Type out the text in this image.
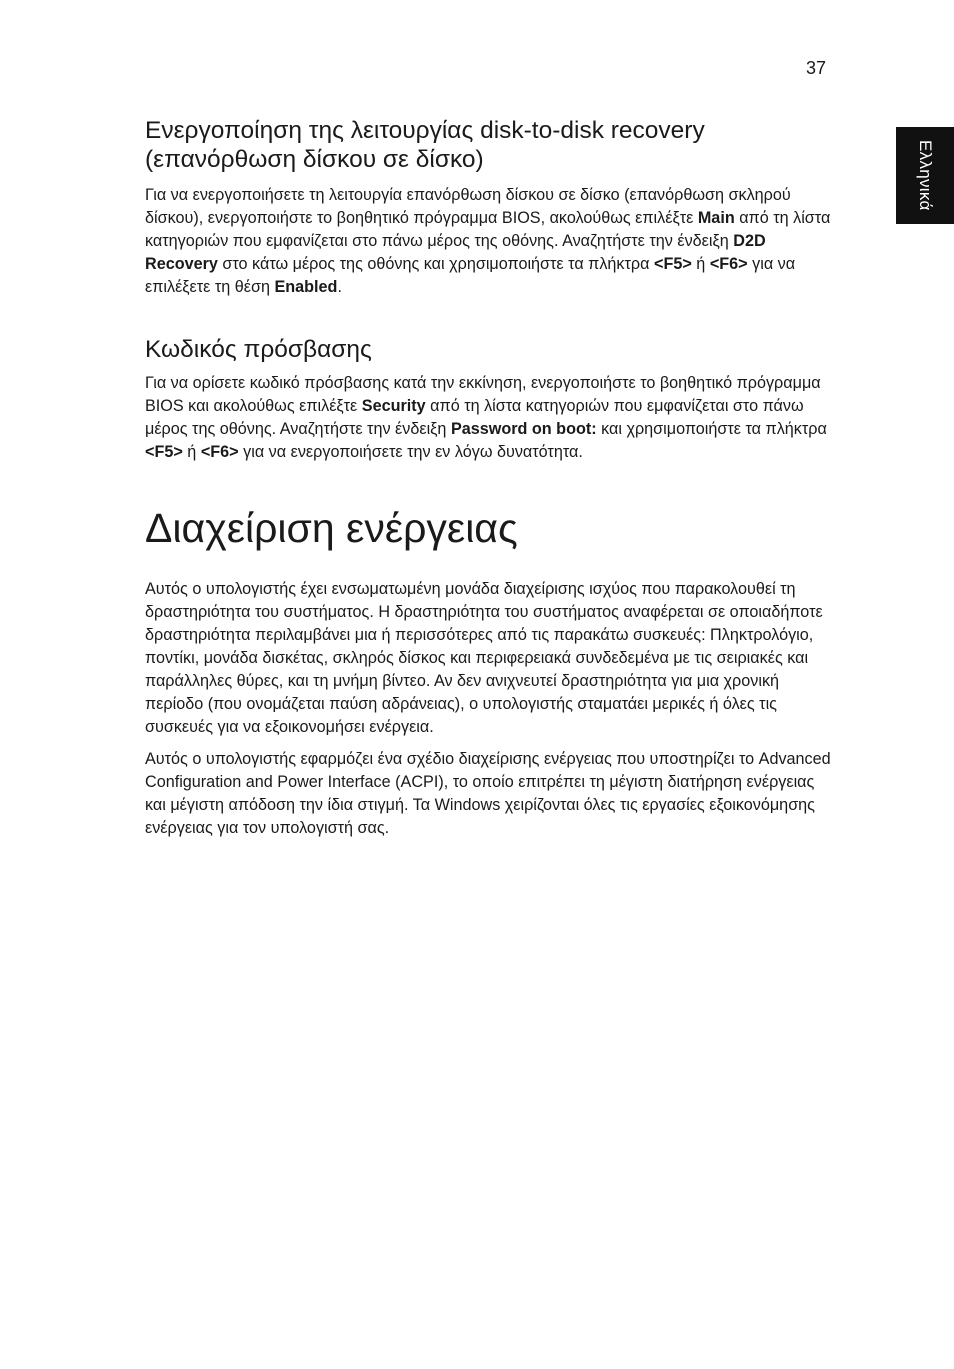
37
Ελληνικά
Ενεργοποίηση της λειτουργίας disk-to-disk recovery
(επανόρθωση δίσκου σε δίσκο)

Για να ενεργοποιήσετε τη λειτουργία επανόρθωση δίσκου σε δίσκο (επανόρθωση σκληρού δίσκου), ενεργοποιήστε το βοηθητικό πρόγραμμα BIOS, ακολούθως επιλέξτε Main από τη λίστα κατηγοριών που εμφανίζεται στο πάνω μέρος της οθόνης. Αναζητήστε την ένδειξη D2D Recovery στο κάτω μέρος της οθόνης και χρησιμοποιήστε τα πλήκτρα <F5> ή <F6> για να επιλέξετε τη θέση Enabled.

Κωδικός πρόσβασης

Για να ορίσετε κωδικό πρόσβασης κατά την εκκίνηση, ενεργοποιήστε το βοηθητικό πρόγραμμα BIOS και ακολούθως επιλέξτε Security από τη λίστα κατηγοριών που εμφανίζεται στο πάνω μέρος της οθόνης. Αναζητήστε την ένδειξη Password on boot: και χρησιμοποιήστε τα πλήκτρα <F5> ή <F6> για να ενεργοποιήσετε την εν λόγω δυνατότητα.

Διαχείριση ενέργειας

Αυτός ο υπολογιστής έχει ενσωματωμένη μονάδα διαχείρισης ισχύος που παρακολουθεί τη δραστηριότητα του συστήματος. Η δραστηριότητα του συστήματος αναφέρεται σε οποιαδήποτε δραστηριότητα περιλαμβάνει μια ή περισσότερες από τις παρακάτω συσκευές: Πληκτρολόγιο, ποντίκι, μονάδα δισκέτας, σκληρός δίσκος και περιφερειακά συνδεδεμένα με τις σειριακές και παράλληλες θύρες, και τη μνήμη βίντεο. Αν δεν ανιχνευτεί δραστηριότητα για μια χρονική περίοδο (που ονομάζεται παύση αδράνειας), ο υπολογιστής σταματάει μερικές ή όλες τις συσκευές για να εξοικονομήσει ενέργεια.

Αυτός ο υπολογιστής εφαρμόζει ένα σχέδιο διαχείρισης ενέργειας που υποστηρίζει το Advanced Configuration and Power Interface (ACPI), το οποίο επιτρέπει τη μέγιστη διατήρηση ενέργειας και μέγιστη απόδοση την ίδια στιγμή. Τα Windows χειρίζονται όλες τις εργασίες εξοικονόμησης ενέργειας για τον υπολογιστή σας.
